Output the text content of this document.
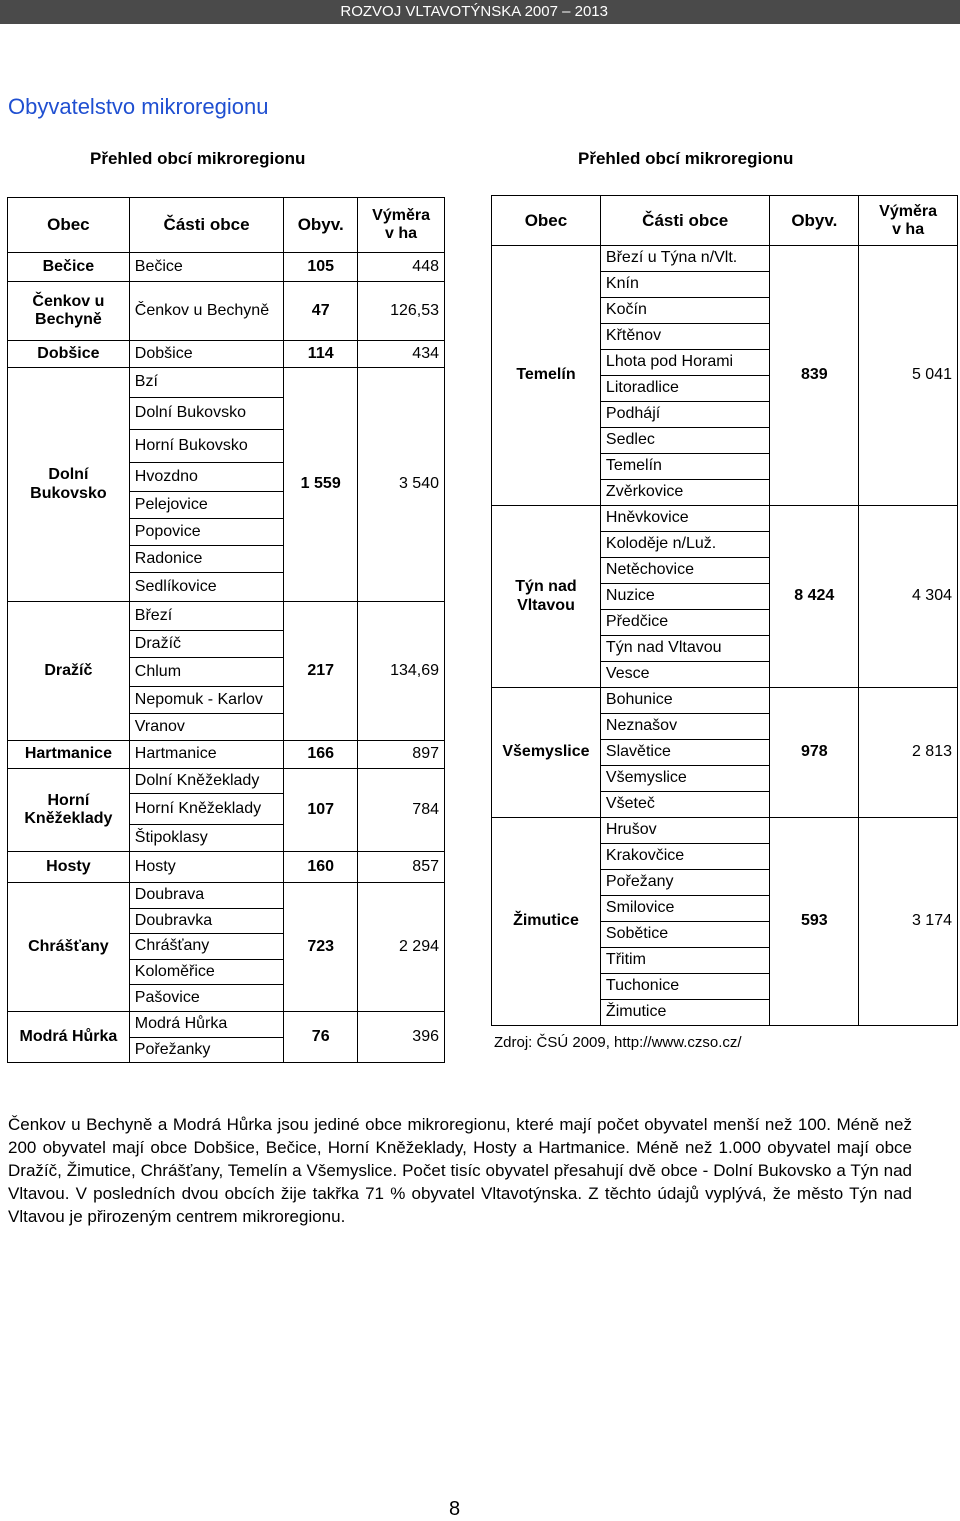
ROZVOJ VLTAVOTÝNSKA 2007 – 2013
Obyvatelstvo mikroregionu
Přehled obcí mikroregionu	Přehled obcí mikroregionu
Obec	Části obce	Obyv.	Výměra
v ha

Bečice	Bečice	105	448
Čenkov u Bechyně	Čenkov u Bechyně	47	126,53
Dobšice	Dobšice	114	434
Dolní Bukovsko	Bzí	1 559	3 540
	Dolní Bukovsko		
	Horní Bukovsko		
	Hvozdno		
	Pelejovice		
	Popovice		
	Radonice		
	Sedlíkovice		
Dražíč	Březí	217	134,69
	Dražíč		
	Chlum		
	Nepomuk - Karlov		
	Vranov		
Hartmanice	Hartmanice	166	897
Horní Kněžeklady	Dolní Kněžeklady	107	784
	Horní Kněžeklady		
	Štipoklasy		
Hosty	Hosty	160	857
Chrášťany	Doubrava	723	2 294
	Doubravka		
	Chrášťany		
	Koloměřice		
	Pašovice		
Modrá Hůrka	Modrá Hůrka	76	396
	Pořežanky		
Obec	Části obce	Obyv.	Výměra
v ha

Temelín	Březí u Týna n/Vlt.	839	5 041
	Knín		
	Kočín		
	Křtěnov		
	Lhota pod Horami		
	Litoradlice		
	Podhájí		
	Sedlec		
	Temelín		
	Zvěrkovice		
Týn nad Vltavou	Hněvkovice	8 424	4 304
	Koloděje n/Luž.		
	Netěchovice		
	Nuzice		
	Předčice		
	Týn nad Vltavou		
	Vesce		
Všemyslice	Bohunice	978	2 813
	Neznašov		
	Slavětice		
	Všemyslice		
	Všeteč		
Žimutice	Hrušov	593	3 174
	Krakovčice		
	Pořežany		
	Smilovice		
	Sobětice		
	Třitim		
	Tuchonice		
	Žimutice		
Zdroj: ČSÚ 2009, http://www.czso.cz/
Čenkov u Bechyně a Modrá Hůrka jsou jediné obce mikroregionu, které mají počet obyvatel menší než 100. Méně než 200 obyvatel mají obce Dobšice, Bečice, Horní Kněžeklady, Hosty a Hartmanice. Méně než 1.000 obyvatel mají obce Dražíč, Žimutice, Chrášťany, Temelín a Všemyslice. Počet tisíc obyvatel přesahují dvě obce - Dolní Bukovsko a Týn nad Vltavou. V posledních dvou obcích žije takřka 71 % obyvatel Vltavotýnska. Z těchto údajů vyplývá, že město Týn nad Vltavou je přirozeným centrem mikroregionu.
8
